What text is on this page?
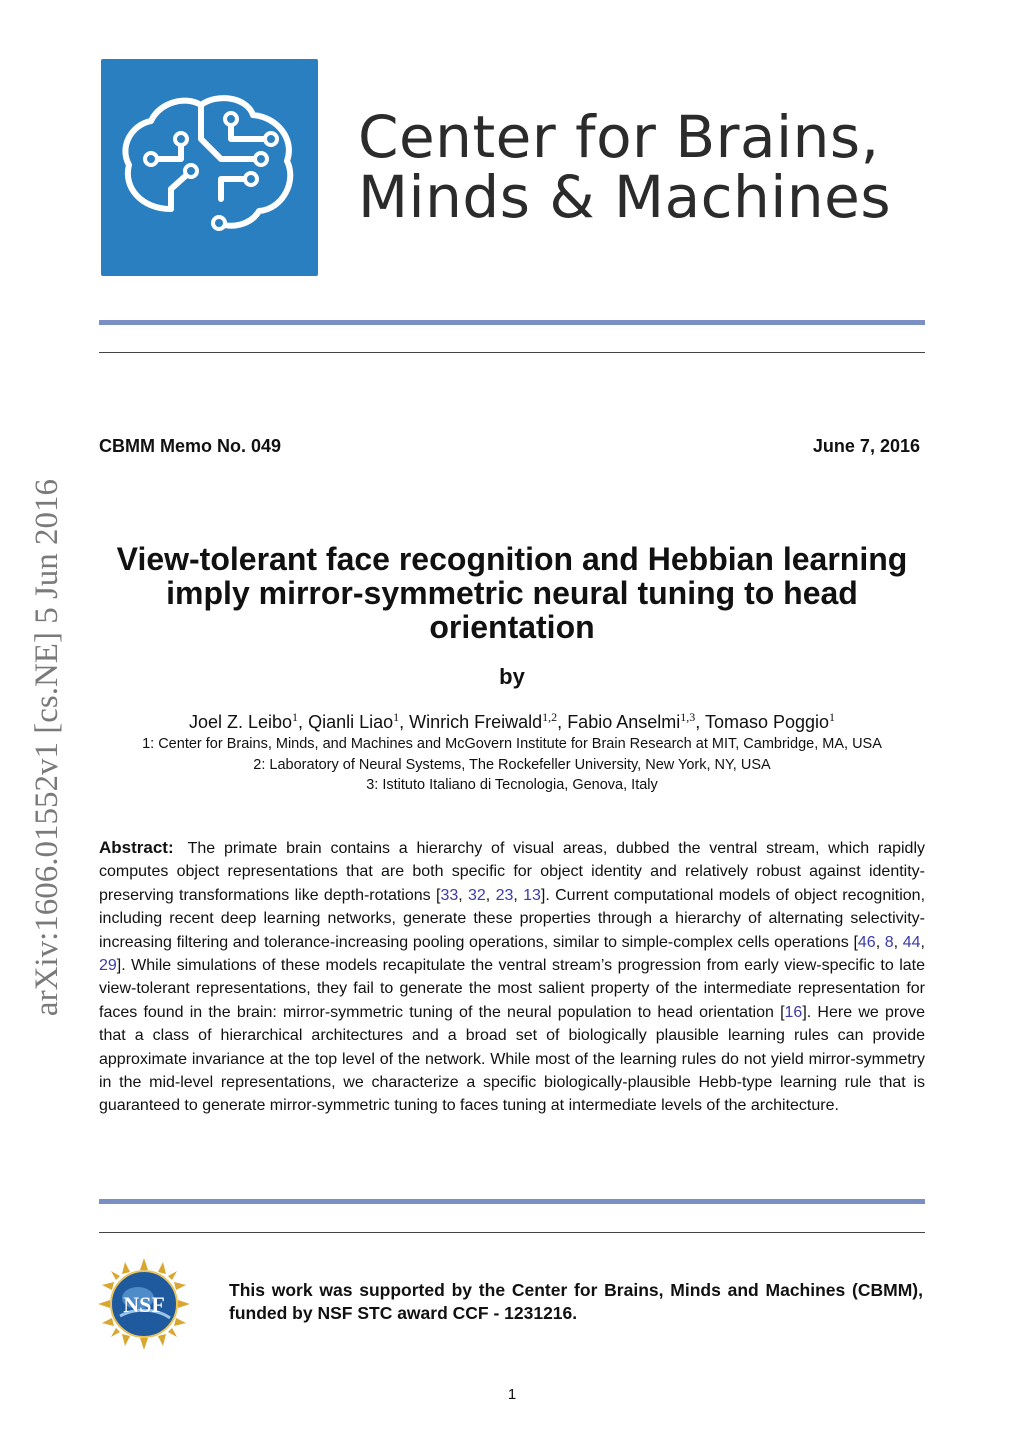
Center for Brains,
Minds & Machines
arXiv:1606.01552v1 [cs.NE] 5 Jun 2016
CBMM Memo No. 049	June 7, 2016
View-tolerant face recognition and Hebbian learning imply mirror-symmetric neural tuning to head orientation
by
Joel Z. Leibo$^1$, Qianli Liao$^1$, Winrich Freiwald$^{1,2}$, Fabio Anselmi$^{1,3}$, Tomaso Poggio$^1$
1: Center for Brains, Minds, and Machines and McGovern Institute for Brain Research at MIT, Cambridge, MA, USA
2: Laboratory of Neural Systems, The Rockefeller University, New York, NY, USA
3: Istituto Italiano di Tecnologia, Genova, Italy
Abstract: The primate brain contains a hierarchy of visual areas, dubbed the ventral stream, which rapidly computes object representations that are both specific for object identity and relatively robust against identity-preserving transformations like depth-rotations [33, 32, 23, 13]. Current computational models of object recognition, including recent deep learning networks, generate these properties through a hierarchy of alternating selectivity-increasing filtering and tolerance-increasing pooling operations, similar to simple-complex cells operations [46, 8, 44, 29]. While simulations of these models recapitulate the ventral stream’s progression from early view-specific to late view-tolerant representations, they fail to generate the most salient property of the intermediate representation for faces found in the brain: mirror-symmetric tuning of the neural population to head orientation [16]. Here we prove that a class of hierarchical architectures and a broad set of biologically plausible learning rules can provide approximate invariance at the top level of the network. While most of the learning rules do not yield mirror-symmetry in the mid-level representations, we characterize a specific biologically-plausible Hebb-type learning rule that is guaranteed to generate mirror-symmetric tuning to faces tuning at intermediate levels of the architecture.
NSF
This work was supported by the Center for Brains, Minds and Machines (CBMM), funded by NSF STC award CCF - 1231216.
1
